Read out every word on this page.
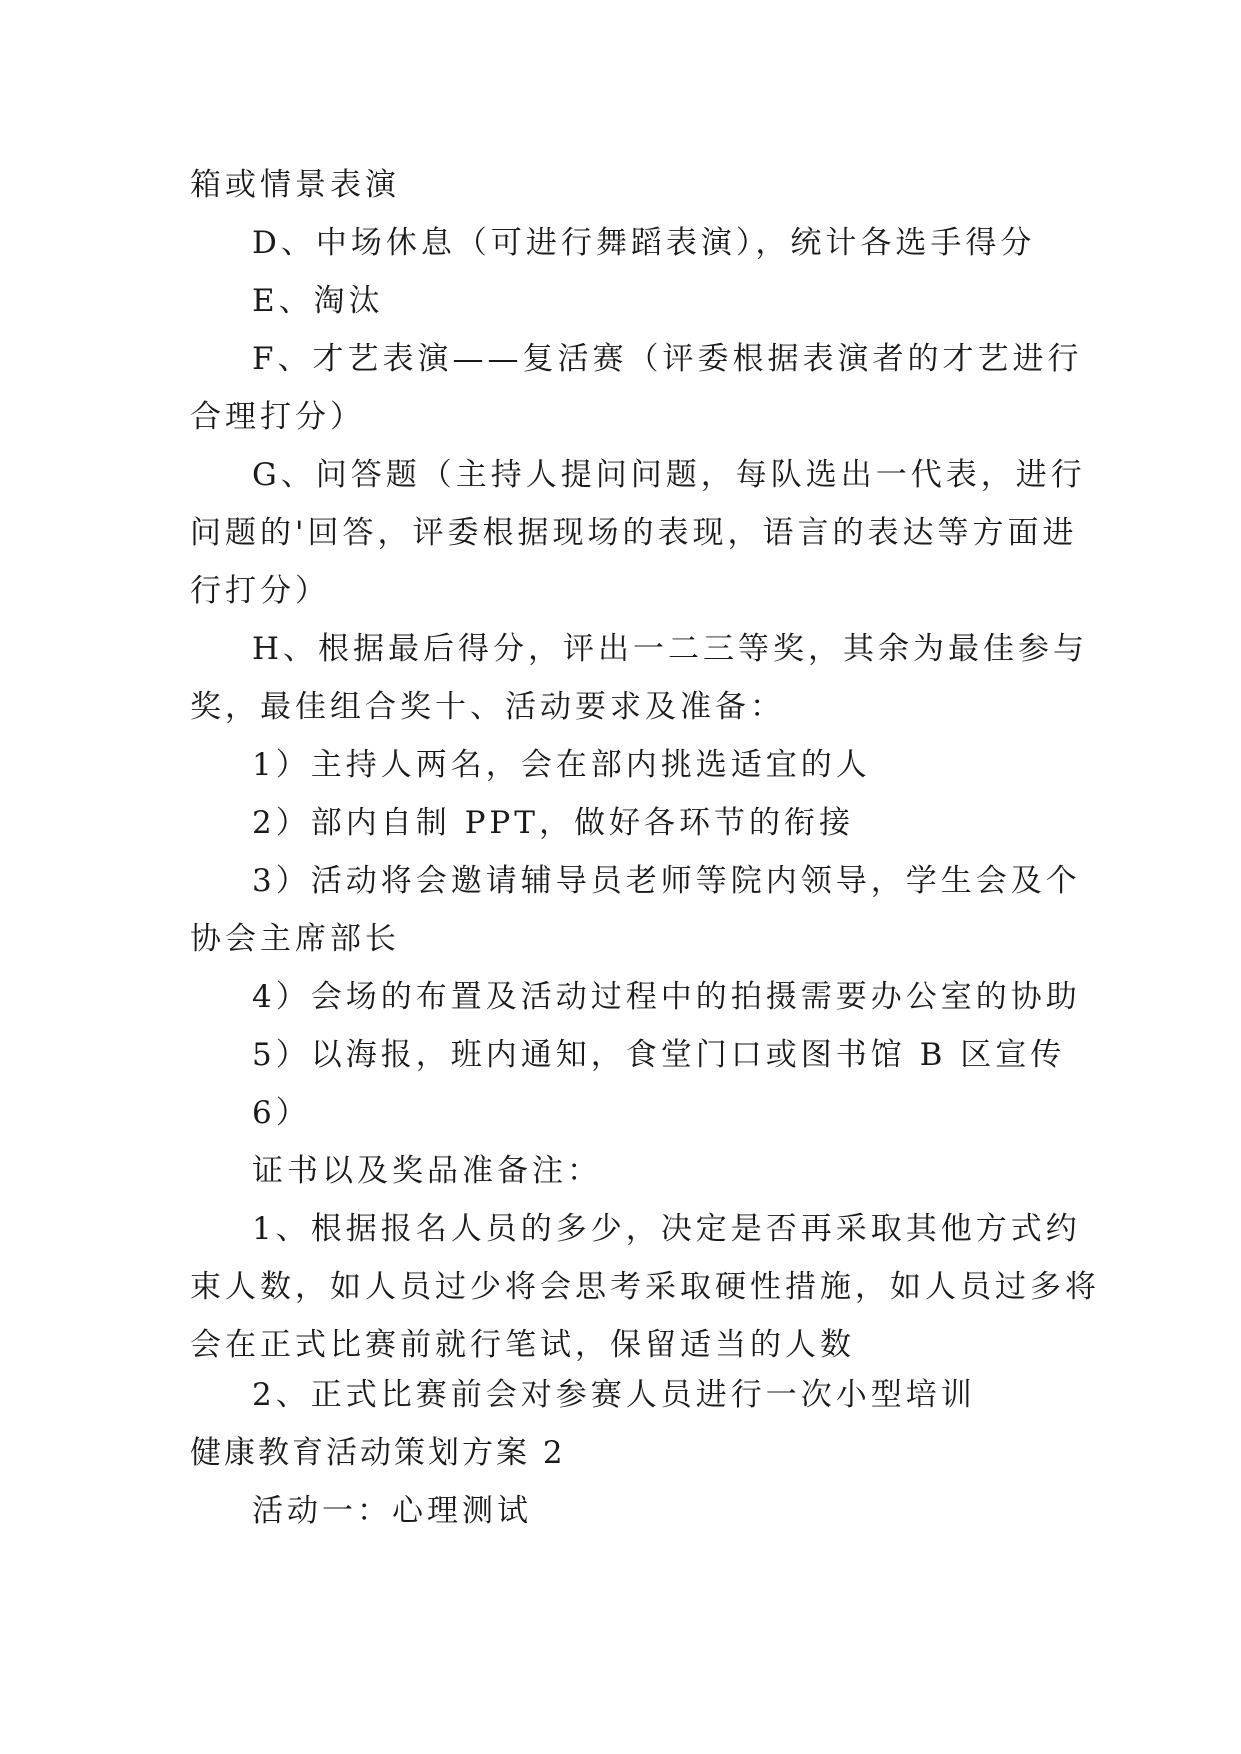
箱或情景表演
D、中场休息（可进行舞蹈表演），统计各选手得分
E、淘汰
F、才艺表演——复活赛（评委根据表演者的才艺进行
合理打分）
G、问答题（主持人提问问题，每队选出一代表，进行
问题的'回答，评委根据现场的表现，语言的表达等方面进
行打分）
H、根据最后得分，评出一二三等奖，其余为最佳参与
奖，最佳组合奖十、活动要求及准备：
1）主持人两名，会在部内挑选适宜的人
2）部内自制 PPT，做好各环节的衔接
3）活动将会邀请辅导员老师等院内领导，学生会及个
协会主席部长
4）会场的布置及活动过程中的拍摄需要办公室的协助
5）以海报，班内通知，食堂门口或图书馆 B 区宣传
6）
证书以及奖品准备注：
1、根据报名人员的多少，决定是否再采取其他方式约
束人数，如人员过少将会思考采取硬性措施，如人员过多将
会在正式比赛前就行笔试，保留适当的人数
2、正式比赛前会对参赛人员进行一次小型培训
健康教育活动策划方案 2
活动一：心理测试
